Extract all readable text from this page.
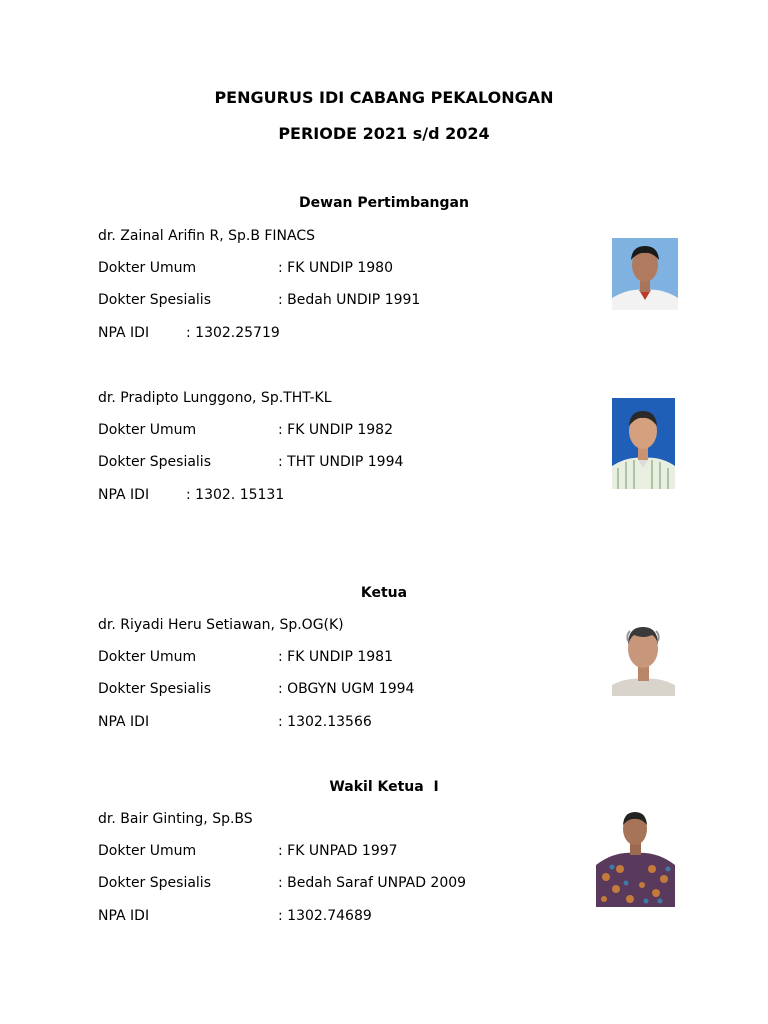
PENGURUS IDI CABANG PEKALONGAN
PERIODE 2021 s/d 2024
Dewan Pertimbangan
dr. Zainal Arifin R, Sp.B FINACS
Dokter Umum	: FK UNDIP 1980
Dokter Spesialis	: Bedah UNDIP 1991
NPA IDI	: 1302.25719
dr. Pradipto Lunggono, Sp.THT-KL
Dokter Umum	: FK UNDIP 1982
Dokter Spesialis	: THT UNDIP 1994
NPA IDI	: 1302. 15131
Ketua
dr. Riyadi Heru Setiawan, Sp.OG(K)
Dokter Umum	: FK UNDIP 1981
Dokter Spesialis	: OBGYN UGM 1994
NPA IDI	: 1302.13566
Wakil Ketua  I
dr. Bair Ginting, Sp.BS
Dokter Umum	: FK UNPAD 1997
Dokter Spesialis	: Bedah Saraf UNPAD 2009
NPA IDI	: 1302.74689
